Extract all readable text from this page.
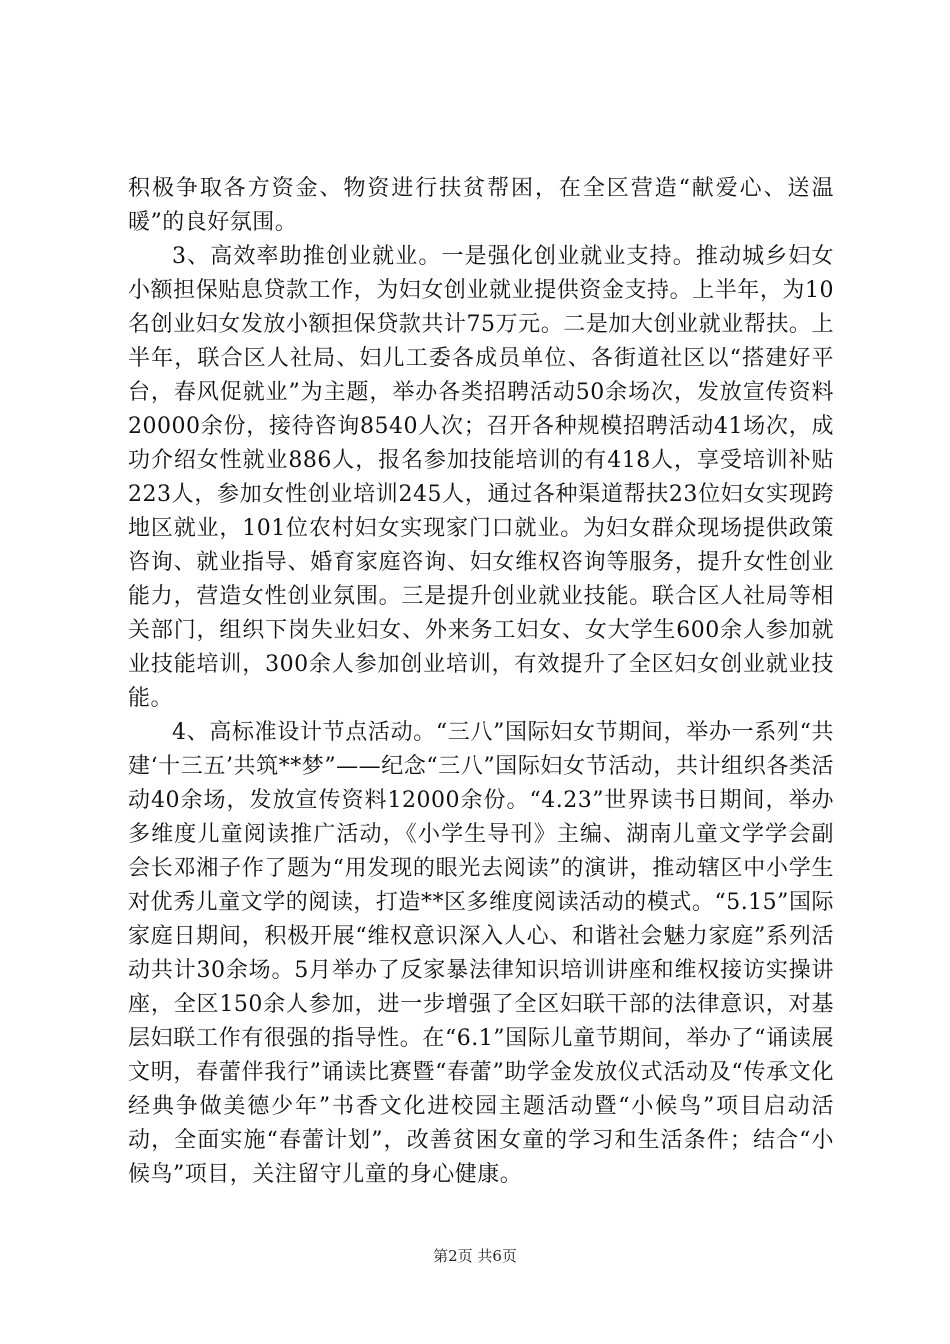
积极争取各方资金、物资进行扶贫帮困，在全区营造“献爱心、送温暖”的良好氛围。

3、高效率助推创业就业。一是强化创业就业支持。推动城乡妇女小额担保贴息贷款工作，为妇女创业就业提供资金支持。上半年，为10名创业妇女发放小额担保贷款共计75万元。二是加大创业就业帮扶。上半年，联合区人社局、妇儿工委各成员单位、各街道社区以“搭建好平台，春风促就业”为主题，举办各类招聘活动50余场次，发放宣传资料20000余份，接待咨询8540人次；召开各种规模招聘活动41场次，成功介绍女性就业886人，报名参加技能培训的有418人，享受培训补贴223人，参加女性创业培训245人，通过各种渠道帮扶23位妇女实现跨地区就业，101位农村妇女实现家门口就业。为妇女群众现场提供政策咨询、就业指导、婚育家庭咨询、妇女维权咨询等服务，提升女性创业能力，营造女性创业氛围。三是提升创业就业技能。联合区人社局等相关部门，组织下岗失业妇女、外来务工妇女、女大学生600余人参加就业技能培训，300余人参加创业培训，有效提升了全区妇女创业就业技能。

4、高标准设计节点活动。“三八”国际妇女节期间，举办一系列“共建‘十三五’共筑**梦”——纪念“三八”国际妇女节活动，共计组织各类活动40余场，发放宣传资料12000余份。“4.23”世界读书日期间，举办多维度儿童阅读推广活动，《小学生导刊》主编、湖南儿童文学学会副会长邓湘子作了题为“用发现的眼光去阅读”的演讲，推动辖区中小学生对优秀儿童文学的阅读，打造**区多维度阅读活动的模式。“5.15”国际家庭日期间，积极开展“维权意识深入人心、和谐社会魅力家庭”系列活动共计30余场。5月举办了反家暴法律知识培训讲座和维权接访实操讲座，全区150余人参加，进一步增强了全区妇联干部的法律意识，对基层妇联工作有很强的指导性。在“6.1”国际儿童节期间，举办了“诵读展文明，春蕾伴我行”诵读比赛暨“春蕾”助学金发放仪式活动及“传承文化经典争做美德少年”书香文化进校园主题活动暨“小候鸟”项目启动活动，全面实施“春蕾计划”，改善贫困女童的学习和生活条件；结合“小候鸟”项目，关注留守儿童的身心健康。

第2页 共6页
